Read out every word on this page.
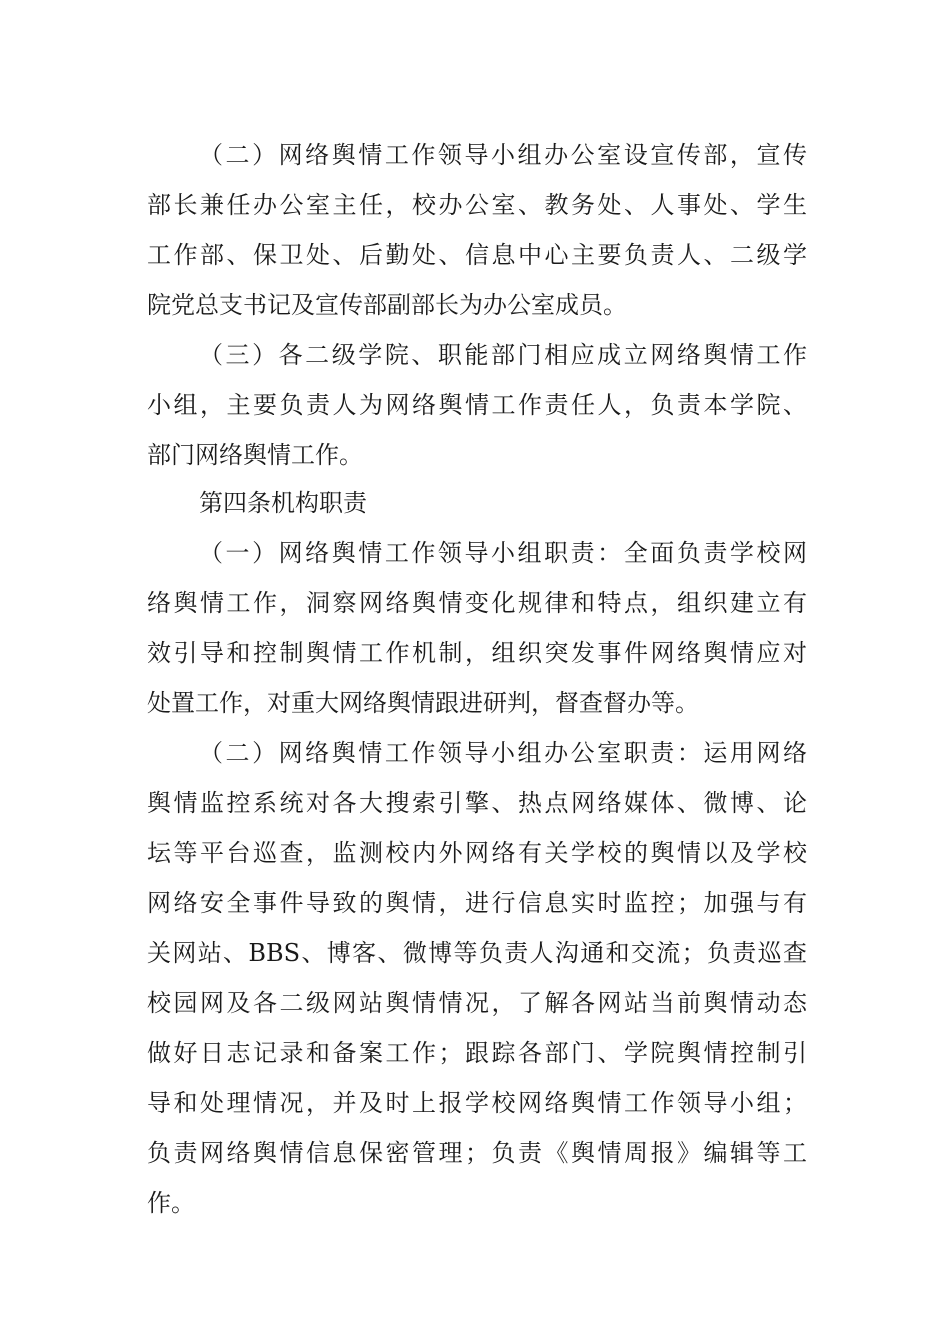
（二）网络舆情工作领导小组办公室设宣传部，宣传
部长兼任办公室主任，校办公室、教务处、人事处、学生
工作部、保卫处、后勤处、信息中心主要负责人、二级学
院党总支书记及宣传部副部长为办公室成员。
（三）各二级学院、职能部门相应成立网络舆情工作
小组，主要负责人为网络舆情工作责任人，负责本学院、
部门网络舆情工作。
第四条机构职责
（一）网络舆情工作领导小组职责：全面负责学校网
络舆情工作，洞察网络舆情变化规律和特点，组织建立有
效引导和控制舆情工作机制，组织突发事件网络舆情应对
处置工作，对重大网络舆情跟进研判，督查督办等。
（二）网络舆情工作领导小组办公室职责：运用网络
舆情监控系统对各大搜索引擎、热点网络媒体、微博、论
坛等平台巡查，监测校内外网络有关学校的舆情以及学校
网络安全事件导致的舆情，进行信息实时监控；加强与有
关网站、BBS、博客、微博等负责人沟通和交流；负责巡查
校园网及各二级网站舆情情况，了解各网站当前舆情动态
做好日志记录和备案工作；跟踪各部门、学院舆情控制引
导和处理情况，并及时上报学校网络舆情工作领导小组；
负责网络舆情信息保密管理；负责《舆情周报》编辑等工
作。
